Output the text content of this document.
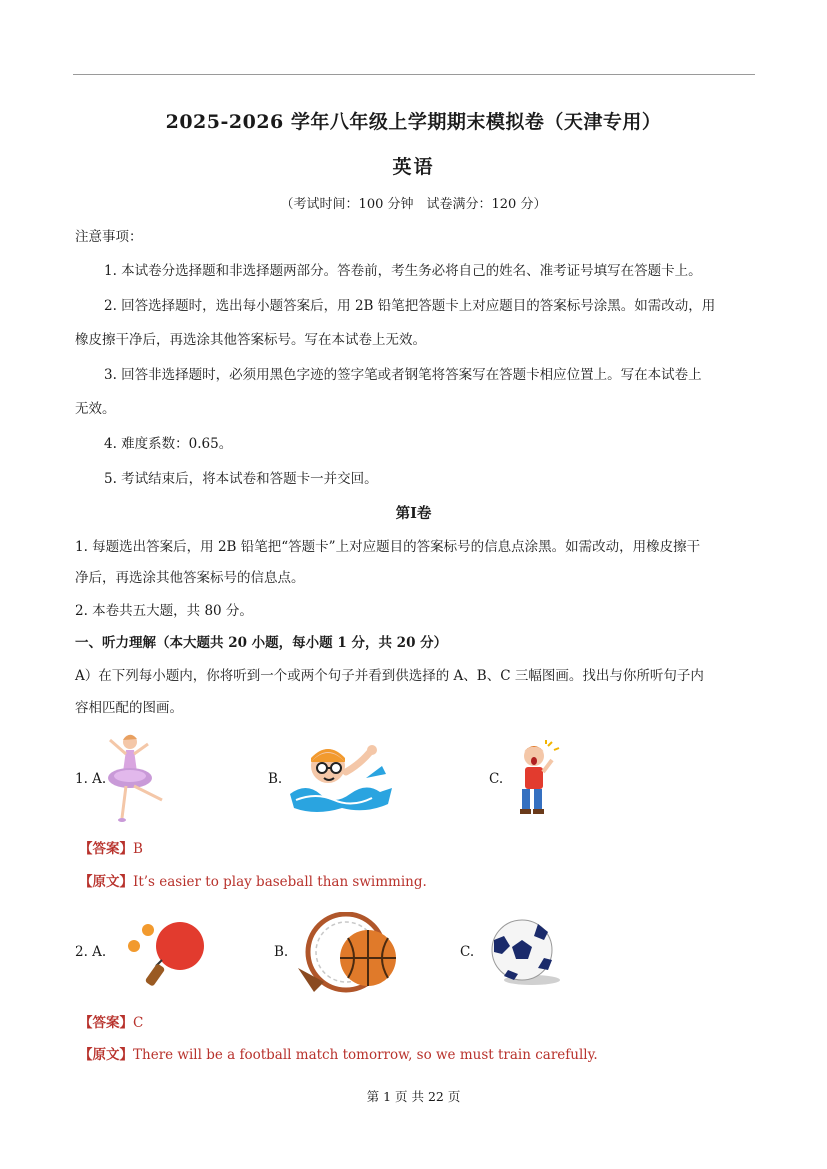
2025-2026 学年八年级上学期期末模拟卷（天津专用）
英语
（考试时间：100 分钟　试卷满分：120 分）
注意事项：
1. 本试卷分选择题和非选择题两部分。答卷前，考生务必将自己的姓名、准考证号填写在答题卡上。
2. 回答选择题时，选出每小题答案后，用 2B 铅笔把答题卡上对应题目的答案标号涂黑。如需改动，用
橡皮擦干净后，再选涂其他答案标号。写在本试卷上无效。
3. 回答非选择题时，必须用黑色字迹的签字笔或者钢笔将答案写在答题卡相应位置上。写在本试卷上
无效。
4. 难度系数：0.65。
5. 考试结束后，将本试卷和答题卡一并交回。
第Ⅰ卷
1. 每题选出答案后，用 2B 铅笔把“答题卡”上对应题目的答案标号的信息点涂黑。如需改动，用橡皮擦干
净后，再选涂其他答案标号的信息点。
2. 本卷共五大题，共 80 分。
一、听力理解（本大题共 20 小题，每小题 1 分，共 20 分）
A）在下列每小题内，你将听到一个或两个句子并看到供选择的 A、B、C 三幅图画。找出与你所听句子内
容相匹配的图画。
1. A.	B.	C.
【答案】B
【原文】It’s easier to play baseball than swimming.
2. A.	B.	C.
【答案】C
【原文】There will be a football match tomorrow, so we must train carefully.
第 1 页 共 22 页
